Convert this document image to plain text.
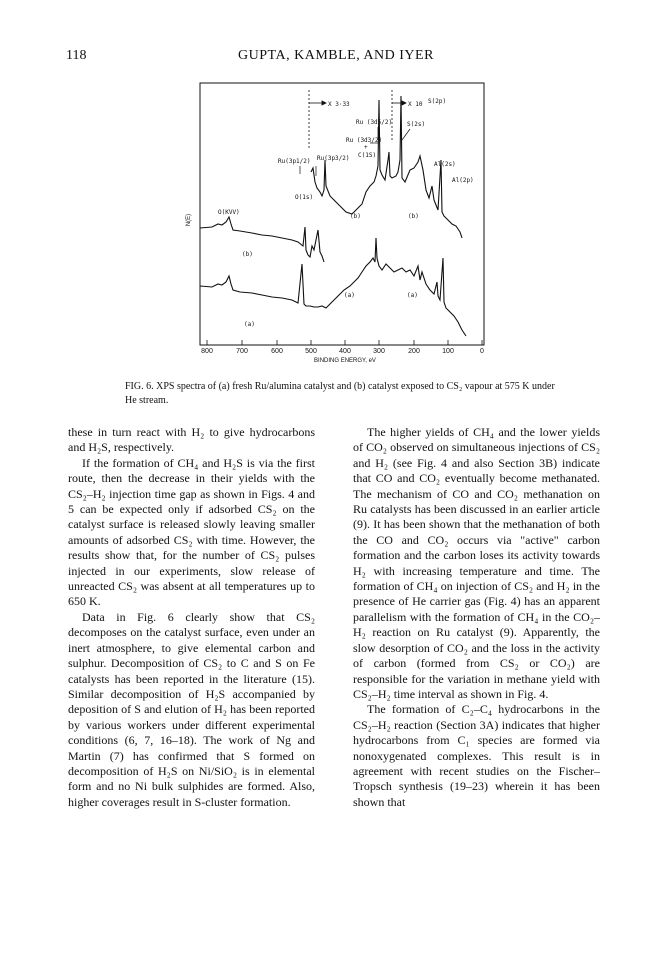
118	GUPTA, KAMBLE, AND IYER
800	700	600	500	400	300	200	100	0
BINDING ENERGY, eV
N(E)
X 3·33	X 10 S(2p)
S(2s)
Ru (3d5/2)
Ru (3d3/2)
+
C(1S)
Ru(3p3/2)
Ru(3p1/2)
O(1s)
O(KVV)
Al(2s)
Al(2p)
(b)	(b)
(b)
(a)	(a)
(a)
FIG. 6. XPS spectra of (a) fresh Ru/alumina catalyst and (b) catalyst exposed to CS₂ vapour at 575 K under He stream.

these in turn react with H₂ to give hydrocarbons and H₂S, respectively.

If the formation of CH₄ and H₂S is via the first route, then the decrease in their yields with the CS₂–H₂ injection time gap as shown in Figs. 4 and 5 can be expected only if adsorbed CS₂ on the catalyst surface is released slowly leaving smaller amounts of adsorbed CS₂ with time. However, the results show that, for the number of CS₂ pulses injected in our experiments, slow release of unreacted CS₂ was absent at all temperatures up to 650 K.

Data in Fig. 6 clearly show that CS₂ decomposes on the catalyst surface, even under an inert atmosphere, to give elemental carbon and sulphur. Decomposition of CS₂ to C and S on Fe catalysts has been reported in the literature (15). Similar decomposition of H₂S accompanied by deposition of S and elution of H₂ has been reported by various workers under different experimental conditions (6, 7, 16–18). The work of Ng and Martin (7) has confirmed that S formed on decomposition of H₂S on Ni/SiO₂ is in elemental form and no Ni bulk sulphides are formed. Also, higher coverages result in S-cluster formation.

The higher yields of CH₄ and the lower yields of CO₂ observed on simultaneous injections of CS₂ and H₂ (see Fig. 4 and also Section 3B) indicate that CO and CO₂ eventually become methanated. The mechanism of CO and CO₂ methanation on Ru catalysts has been discussed in an earlier article (9). It has been shown that the methanation of both the CO and CO₂ occurs via "active" carbon formation and the carbon loses its activity towards H₂ with increasing temperature and time. The formation of CH₄ on injection of CS₂ and H₂ in the presence of He carrier gas (Fig. 4) has an apparent parallelism with the formation of CH₄ in the CO₂–H₂ reaction on Ru catalyst (9). Apparently, the slow desorption of CO₂ and the loss in the activity of carbon (formed from CS₂ or CO₂) are responsible for the variation in methane yield with CS₂–H₂ time interval as shown in Fig. 4.

The formation of C₂–C₄ hydrocarbons in the CS₂–H₂ reaction (Section 3A) indicates that higher hydrocarbons from C₁ species are formed via nonoxygenated complexes. This result is in agreement with recent studies on the Fischer–Tropsch synthesis (19–23) wherein it has been shown that
